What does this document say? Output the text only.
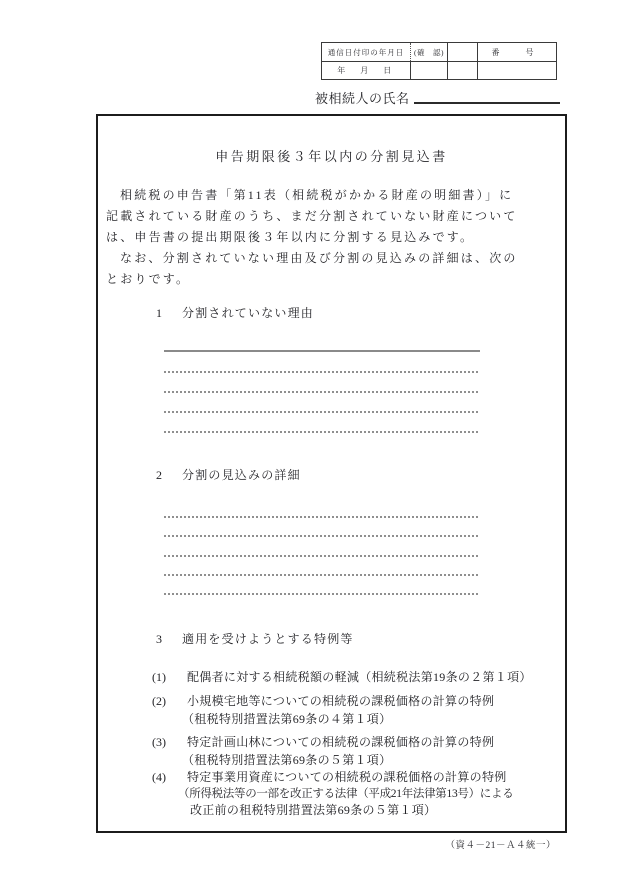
通信日付印の年月日	(確　認)	番　号
年　月　日
被相続人の氏名
申告期限後３年以内の分割見込書
相続税の申告書「第11表（相続税がかかる財産の明細書）」に
記載されている財産のうち、まだ分割されていない財産について
は、申告書の提出期限後３年以内に分割する見込みです。
なお、分割されていない理由及び分割の見込みの詳細は、次の
とおりです。
1 分割されていない理由
2 分割の見込みの詳細
3 適用を受けようとする特例等
(1)	配偶者に対する相続税額の軽減（相続税法第19条の２第１項）
(2)	小規模宅地等についての相続税の課税価格の計算の特例
（租税特別措置法第69条の４第１項）
(3)	特定計画山林についての相続税の課税価格の計算の特例
（租税特別措置法第69条の５第１項）
(4)	特定事業用資産についての相続税の課税価格の計算の特例
（所得税法等の一部を改正する法律（平成21年法律第13号）による
改正前の租税特別措置法第69条の５第１項）
（資４－21－Ａ４統一）
